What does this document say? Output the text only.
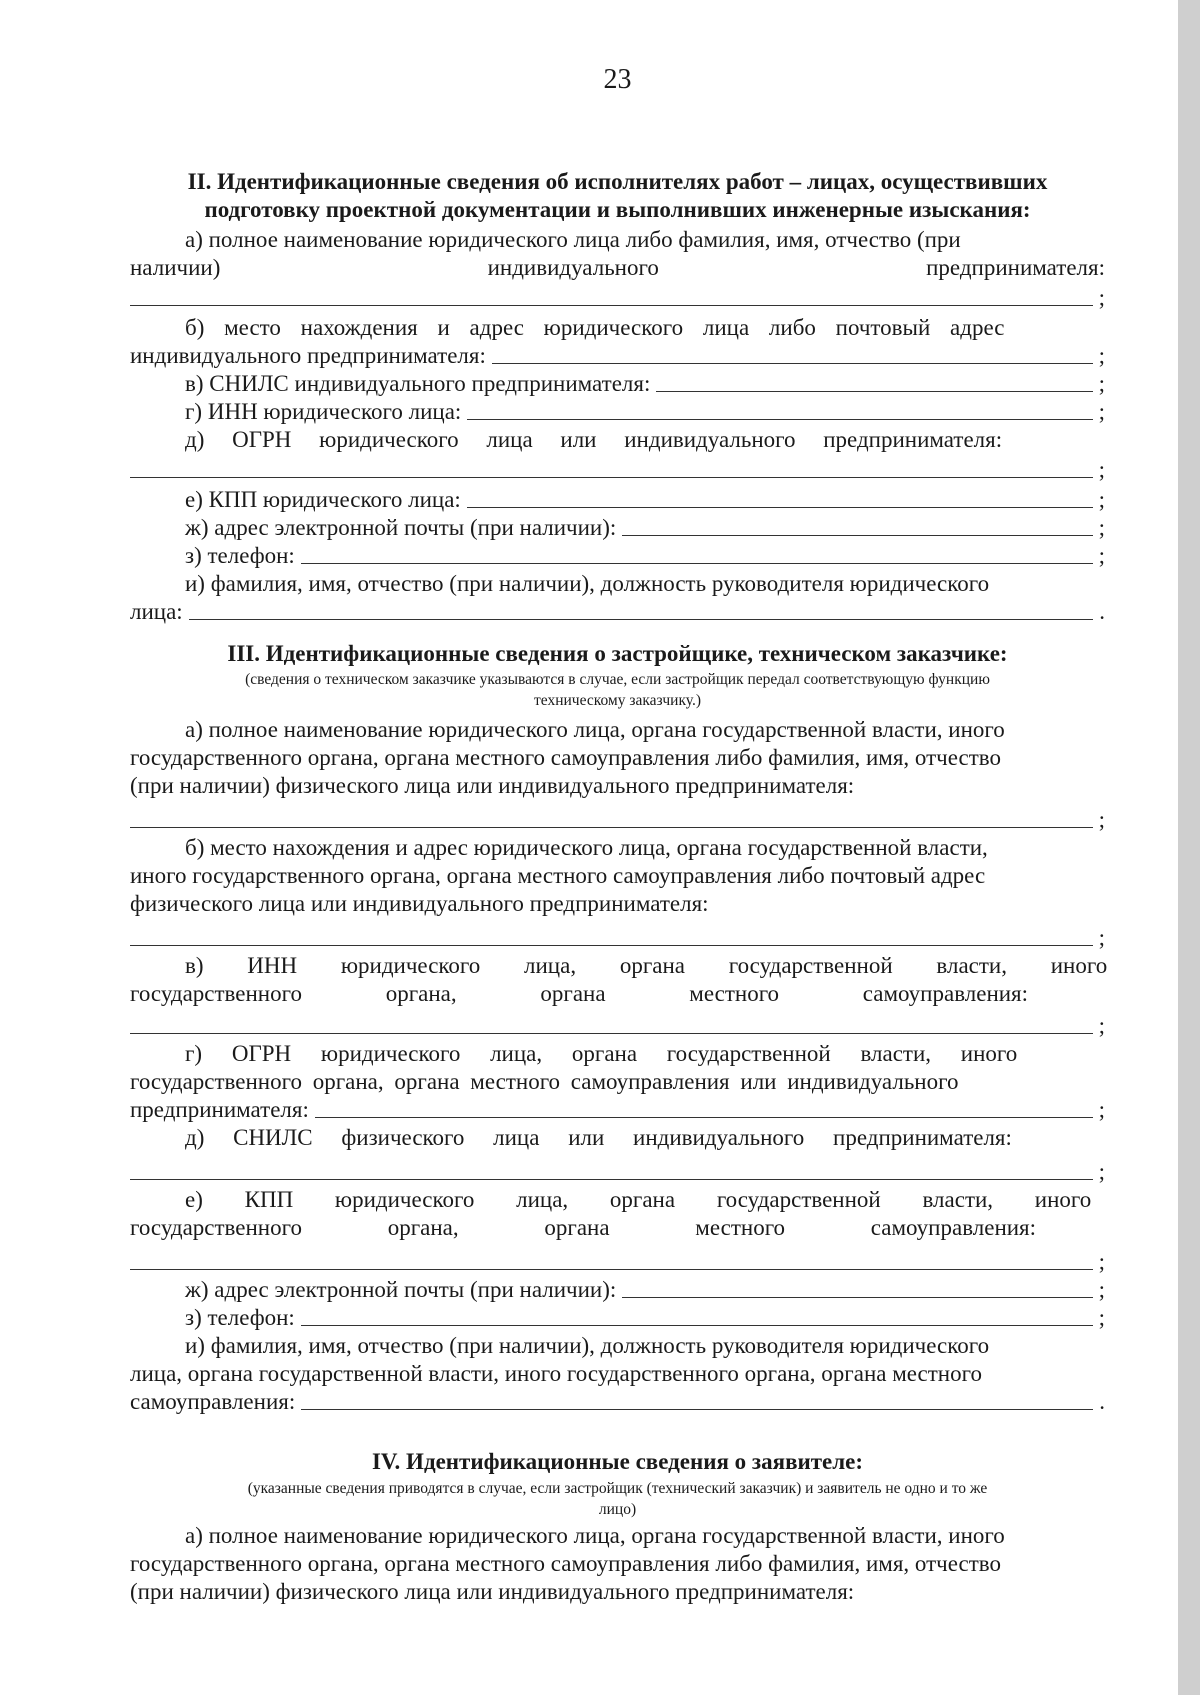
23
II. Идентификационные сведения об исполнителях работ – лицах, осуществивших
подготовку проектной документации и выполнивших инженерные изыскания:
а) полное наименование юридического лица либо фамилия, имя, отчество (при
наличии)	индивидуального	предпринимателя:
;
б) место нахождения и адрес юридического лица либо почтовый адрес
индивидуального предпринимателя:	;
в) СНИЛС индивидуального предпринимателя:	;
г) ИНН юридического лица:	;
д) ОГРН юридического лица или индивидуального предпринимателя:
;
е) КПП юридического лица:	;
ж) адрес электронной почты (при наличии):	;
з) телефон:	;
и) фамилия, имя, отчество (при наличии), должность руководителя юридического
лица:	.
III. Идентификационные сведения о застройщике, техническом заказчике:
(сведения о техническом заказчике указываются в случае, если застройщик передал соответствующую функцию
техническому заказчику.)
а) полное наименование юридического лица, органа государственной власти, иного
государственного органа, органа местного самоуправления либо фамилия, имя, отчество
(при наличии) физического лица или индивидуального предпринимателя:
;
б) место нахождения и адрес юридического лица, органа государственной власти,
иного государственного органа, органа местного самоуправления либо почтовый адрес
физического лица или индивидуального предпринимателя:
;
в) ИНН юридического лица, органа государственной власти, иного
государственного органа, органа местного самоуправления:
;
г) ОГРН юридического лица, органа государственной власти, иного
государственного органа, органа местного самоуправления или индивидуального
предпринимателя:	;
д) СНИЛС физического лица или индивидуального предпринимателя:
;
е) КПП юридического лица, органа государственной власти, иного
государственного органа, органа местного самоуправления:
;
ж) адрес электронной почты (при наличии):	;
з) телефон:	;
и) фамилия, имя, отчество (при наличии), должность руководителя юридического
лица, органа государственной власти, иного государственного органа, органа местного
самоуправления:	.
IV. Идентификационные сведения о заявителе:
(указанные сведения приводятся в случае, если застройщик (технический заказчик) и заявитель не одно и то же
лицо)
а) полное наименование юридического лица, органа государственной власти, иного
государственного органа, органа местного самоуправления либо фамилия, имя, отчество
(при наличии) физического лица или индивидуального предпринимателя:
